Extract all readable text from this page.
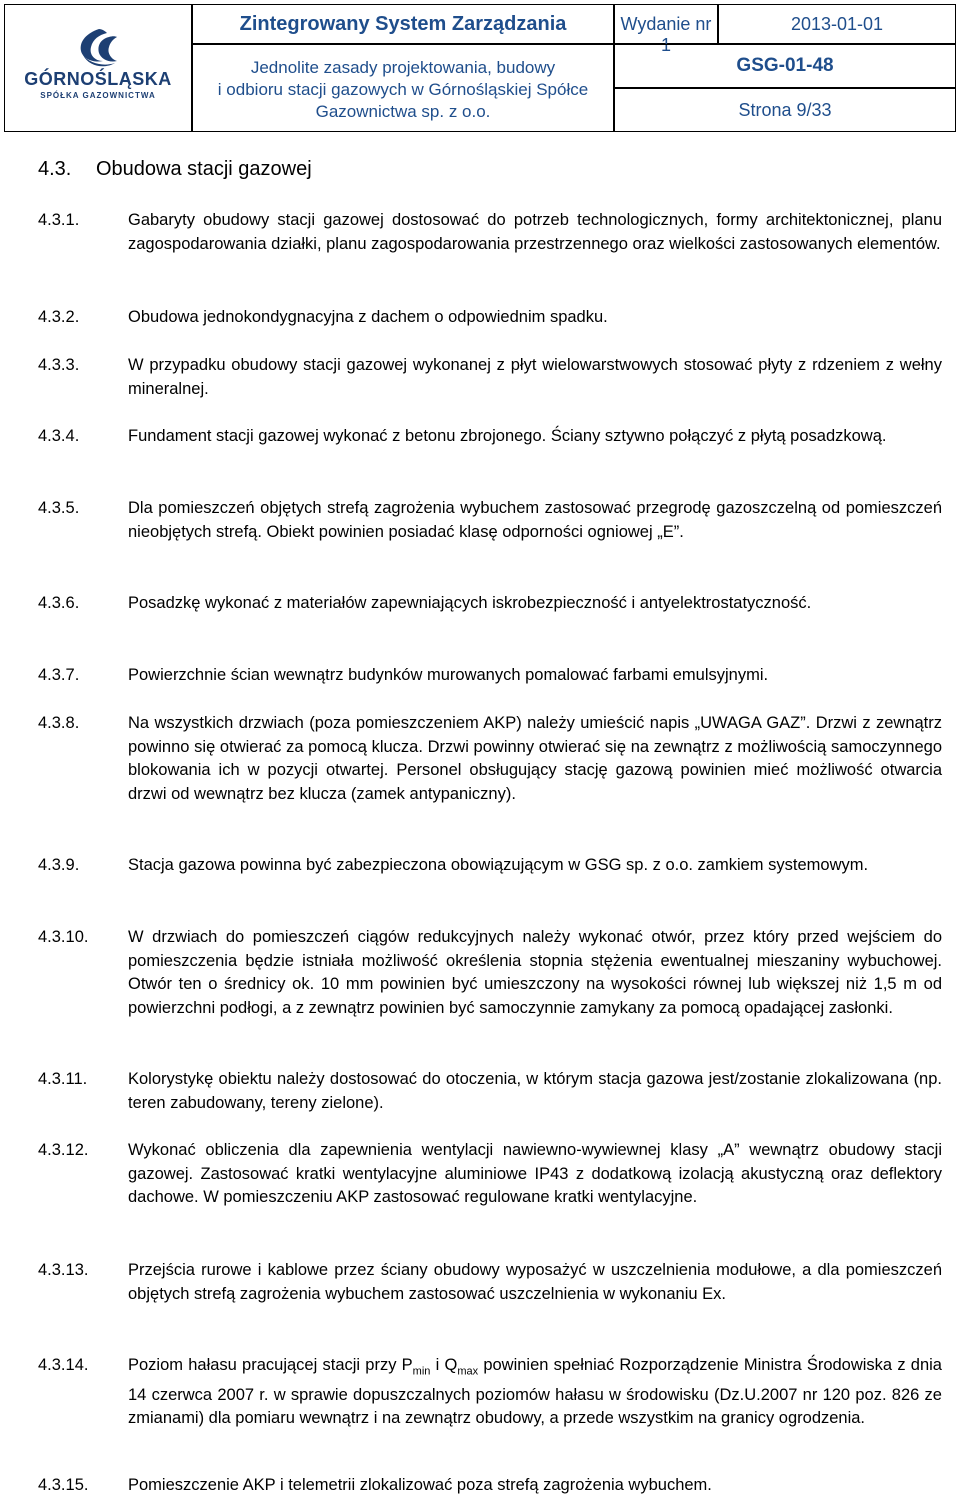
GÓRNOŚLĄSKA
SPÓŁKA GAZOWNICTWA
Zintegrowany System Zarządzania	Wydanie nr 1
2013-01-01
Jednolite zasady projektowania, budowy
i odbioru stacji gazowych w Górnośląskiej Spółce
Gazownictwa sp. z o.o.
GSG-01-48
Strona 9/33
4.3. Obudowa stacji gazowej
4.3.1.	Gabaryty obudowy stacji gazowej dostosować do potrzeb technologicznych, formy architektonicznej, planu zagospodarowania działki, planu zagospodarowania przestrzennego oraz wielkości zastosowanych elementów.
4.3.2.	Obudowa jednokondygnacyjna z dachem o odpowiednim spadku.
4.3.3.	W przypadku obudowy stacji gazowej wykonanej z płyt wielowarstwowych stosować płyty z rdzeniem z wełny mineralnej.
4.3.4.	Fundament stacji gazowej wykonać z betonu zbrojonego. Ściany sztywno połączyć z płytą posadzkową.
4.3.5.	Dla pomieszczeń objętych strefą zagrożenia wybuchem zastosować przegrodę gazoszczelną od pomieszczeń nieobjętych strefą. Obiekt powinien posiadać klasę odporności ogniowej „E”.
4.3.6.	Posadzkę wykonać z materiałów zapewniających iskrobezpieczność i antyelektrostatyczność.
4.3.7.	Powierzchnie ścian wewnątrz budynków murowanych pomalować farbami emulsyjnymi.
4.3.8.	Na wszystkich drzwiach (poza pomieszczeniem AKP) należy umieścić napis „UWAGA GAZ”. Drzwi z zewnątrz powinno się otwierać za pomocą klucza. Drzwi powinny otwierać się na zewnątrz z możliwością samoczynnego blokowania ich w pozycji otwartej. Personel obsługujący stację gazową powinien mieć możliwość otwarcia drzwi od wewnątrz bez klucza (zamek antypaniczny).
4.3.9.	Stacja gazowa powinna być zabezpieczona obowiązującym w GSG sp. z o.o. zamkiem systemowym.
4.3.10. W drzwiach do pomieszczeń ciągów redukcyjnych należy wykonać otwór, przez który przed wejściem do pomieszczenia będzie istniała możliwość określenia stopnia stężenia ewentualnej mieszaniny wybuchowej. Otwór ten o średnicy ok. 10 mm powinien być umieszczony na wysokości równej lub większej niż 1,5 m od powierzchni podłogi, a z zewnątrz powinien być samoczynnie zamykany za pomocą opadającej zasłonki.
4.3.11. Kolorystykę obiektu należy dostosować do otoczenia, w którym stacja gazowa jest/zostanie zlokalizowana (np. teren zabudowany, tereny zielone).
4.3.12. Wykonać obliczenia dla zapewnienia wentylacji nawiewno-wywiewnej klasy „A” wewnątrz obudowy stacji gazowej. Zastosować kratki wentylacyjne aluminiowe IP43 z dodatkową izolacją akustyczną oraz deflektory dachowe. W pomieszczeniu AKP zastosować regulowane kratki wentylacyjne.
4.3.13. Przejścia rurowe i kablowe przez ściany obudowy wyposażyć w uszczelnienia modułowe, a dla pomieszczeń objętych strefą zagrożenia wybuchem zastosować uszczelnienia w wykonaniu Ex.
4.3.14. Poziom hałasu pracującej stacji przy $P_{min}$ i $Q_{max}$ powinien spełniać Rozporządzenie Ministra Środowiska z dnia 14 czerwca 2007 r. w sprawie dopuszczalnych poziomów hałasu w środowisku (Dz.U.2007 nr 120 poz. 826 ze zmianami) dla pomiaru wewnątrz i na zewnątrz obudowy, a przede wszystkim na granicy ogrodzenia.
4.3.15. Pomieszczenie AKP i telemetrii zlokalizować poza strefą zagrożenia wybuchem.
